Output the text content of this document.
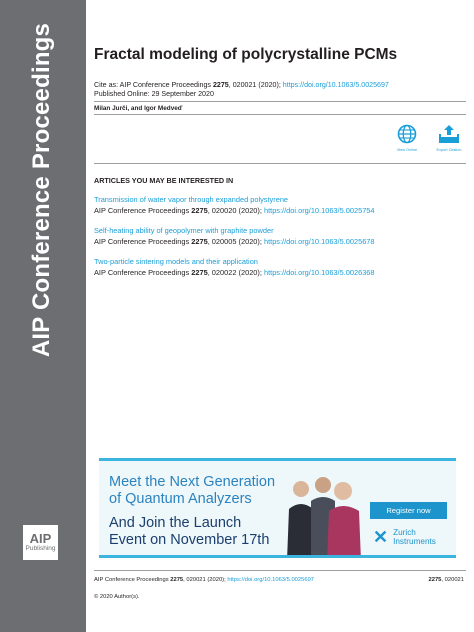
AIP Conference Proceedings
AIP
Publishing
Fractal modeling of polycrystalline PCMs
Cite as: AIP Conference Proceedings 2275, 020021 (2020); https://doi.org/10.1063/5.0025697
Published Online: 29 September 2020
Milan Jurči, and Igor Medveď
View Online	Export Citation
ARTICLES YOU MAY BE INTERESTED IN
Transmission of water vapor through expanded polystyrene
AIP Conference Proceedings 2275, 020020 (2020); https://doi.org/10.1063/5.0025754
Self-heating ability of geopolymer with graphite powder
AIP Conference Proceedings 2275, 020005 (2020); https://doi.org/10.1063/5.0025678
Two-particle sintering models and their application
AIP Conference Proceedings 2275, 020022 (2020); https://doi.org/10.1063/5.0026368
AIP Conference Proceedings 2275, 020021 (2020); https://doi.org/10.1063/5.0025697	2275, 020021
© 2020 Author(s).
Meet the Next Generation
of Quantum Analyzers
And Join the Launch
Event on November 17th
Register now
✕ Zurich
Instruments
